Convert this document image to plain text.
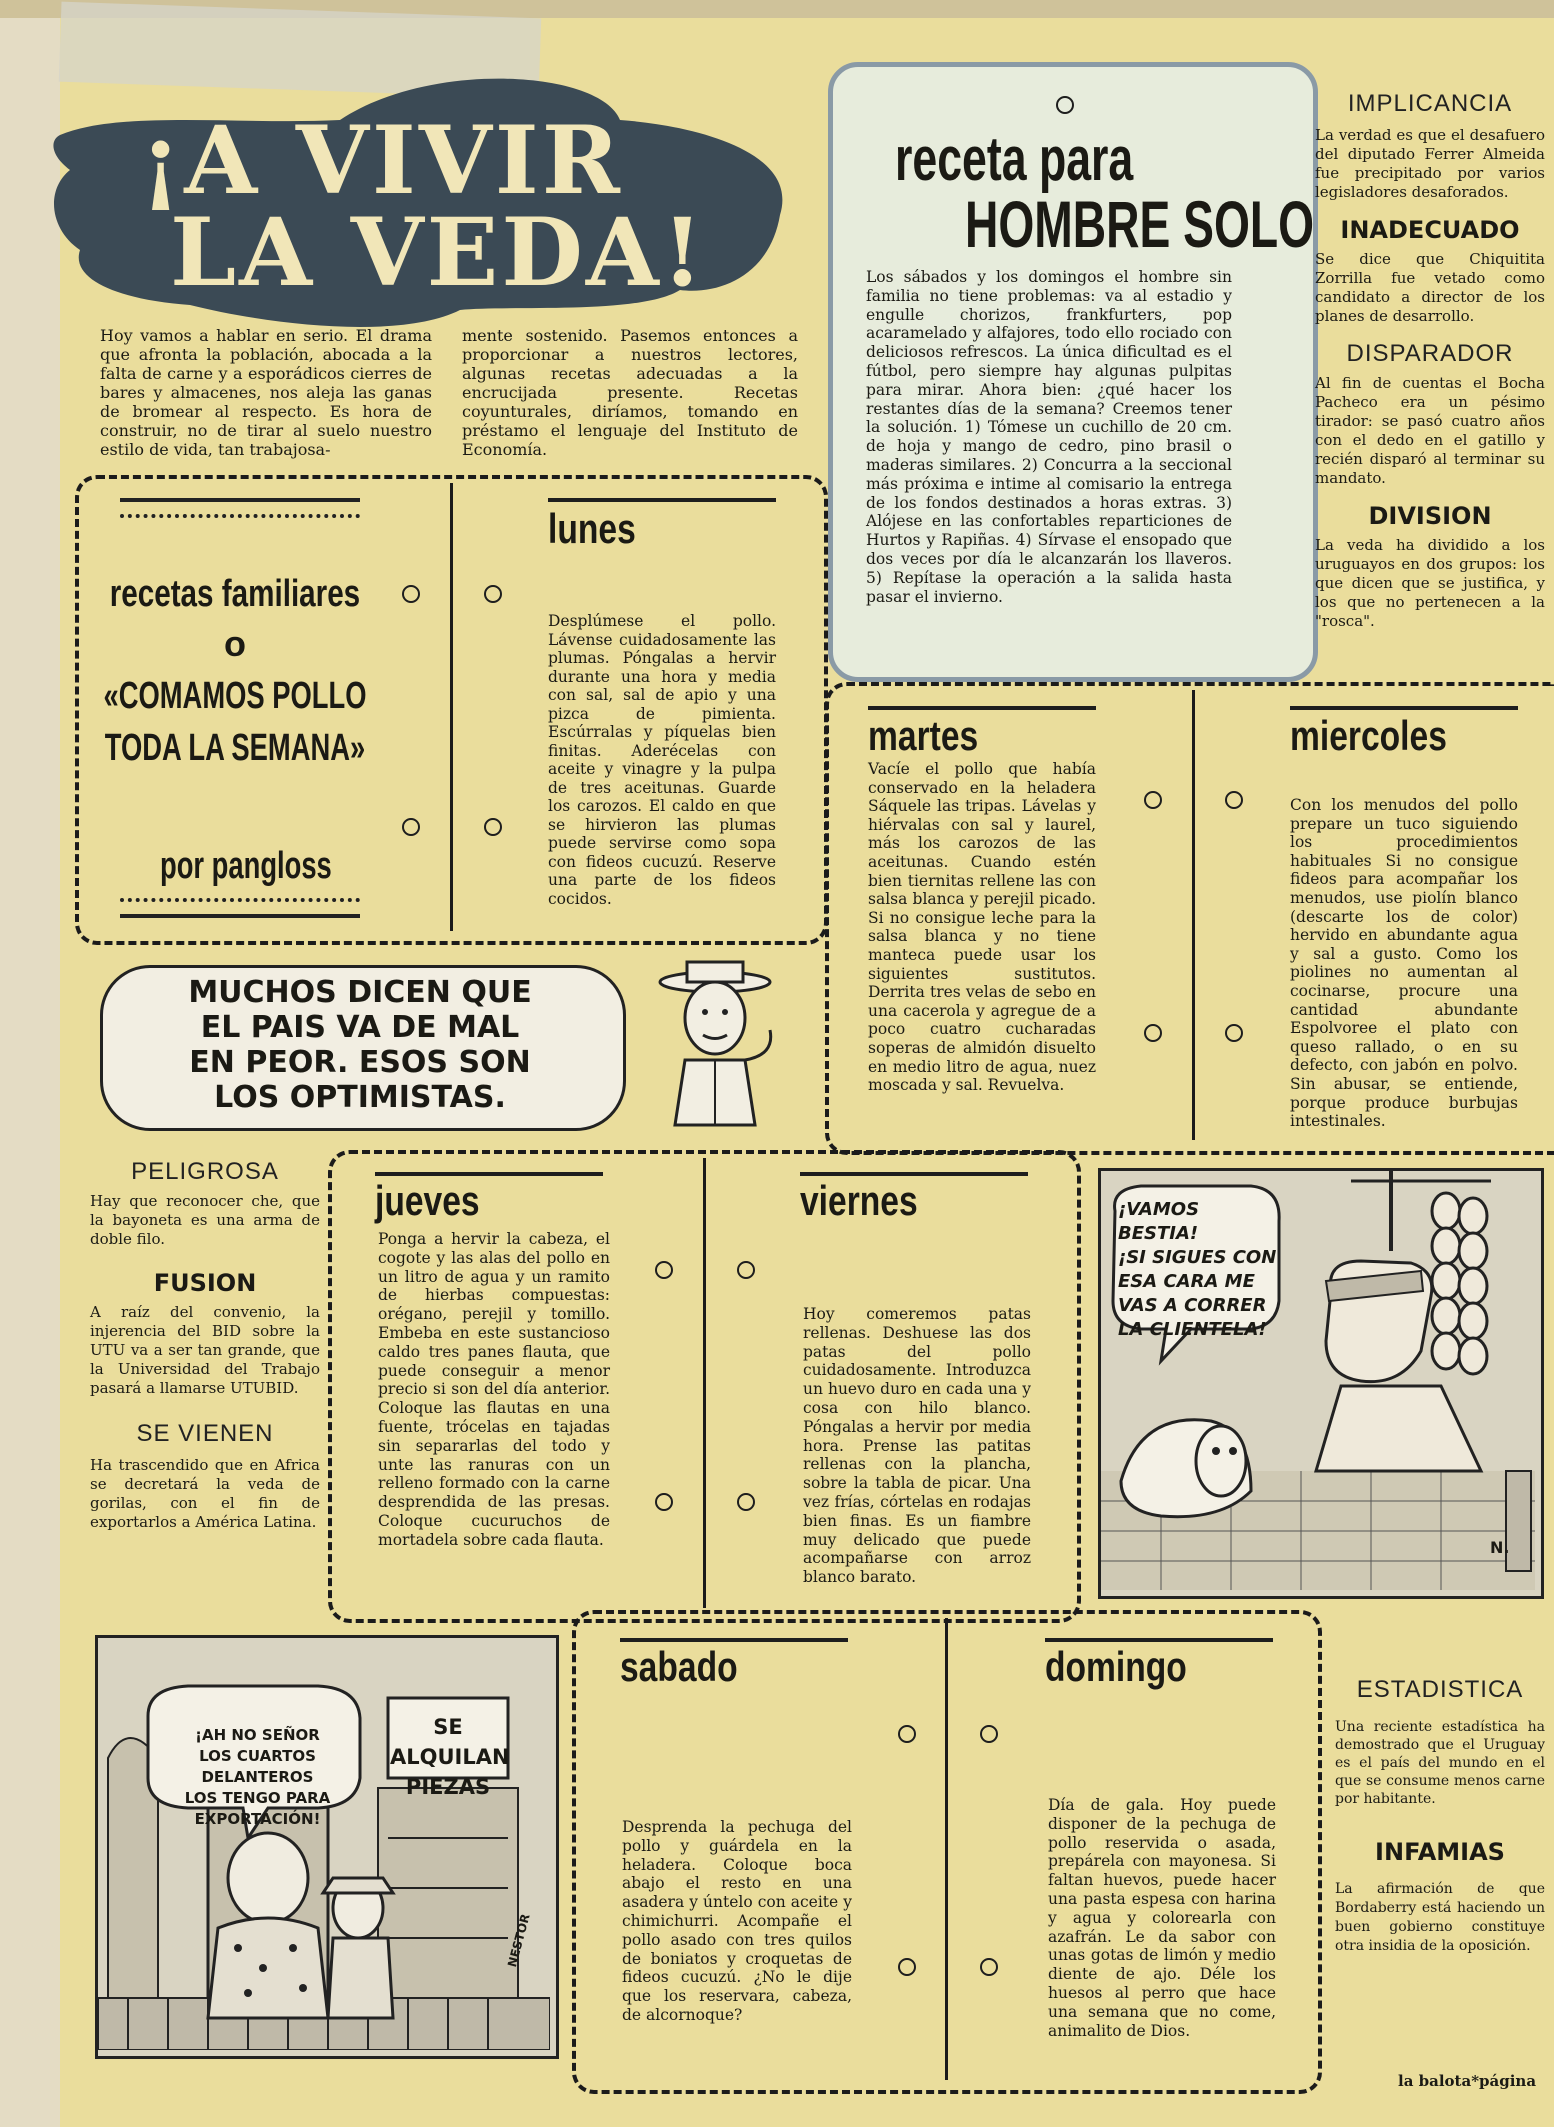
¡A VIVIR
LA VEDA!
Hoy vamos a hablar en serio. El drama que afronta la población, abocada a la falta de carne y a esporádicos cierres de bares y almacenes, nos aleja las ganas de bromear al respecto. Es hora de construir, no de tirar al suelo nuestro estilo de vida, tan trabajosa-
mente sostenido. Pasemos entonces a proporcionar a nuestros lectores, algunas recetas adecuadas a la encrucijada presente. Recetas coyunturales, diríamos, tomando en préstamo el lenguaje del Instituto de Economía.
receta para
HOMBRE SOLO
Los sábados y los domingos el hombre sin familia no tiene problemas: va al estadio y engulle chorizos, frankfurters, pop acaramelado y alfajores, todo ello rociado con deliciosos refrescos. La única dificultad es el fútbol, pero siempre hay algunas pulpitas para mirar. Ahora bien: ¿qué hacer los restantes días de la semana? Creemos tener la solución. 1) Tómese un cuchillo de 20 cm. de hoja y mango de cedro, pino brasil o maderas similares. 2) Concurra a la seccional más próxima e intime al comisario la entrega de los fondos destinados a horas extras. 3) Alójese en las confortables reparticiones de Hurtos y Rapiñas. 4) Sírvase el ensopado que dos veces por día le alcanzarán los llaveros. 5) Repítase la operación a la salida hasta pasar el invierno.
IMPLICANCIA
La verdad es que el desafuero del diputado Ferrer Almeida fue precipitado por varios legisladores desaforados.
INADECUADO
Se dice que Chiquitita Zorrilla fue vetado como candidato a director de los planes de desarrollo.
DISPARADOR
Al fin de cuentas el Bocha Pacheco era un pésimo tirador: se pasó cuatro años con el dedo en el gatillo y recién disparó al terminar su mandato.
DIVISION
La veda ha dividido a los uruguayos en dos grupos: los que dicen que se justifica, y los que no pertenecen a la "rosca".
recetas familiares
o
«COMAMOS POLLO
TODA LA SEMANA»
por pangloss
lunes
Desplúmese el pollo. Lávense cuidadosamente las plumas. Póngalas a hervir durante una hora y media con sal, sal de apio y una pizca de pimienta. Escúrralas y píquelas bien finitas. Aderécelas con aceite y vinagre y la pulpa de tres aceitunas. Guarde los carozos. El caldo en que se hirvieron las plumas puede servirse como sopa con fideos cucuzú. Reserve una parte de los fideos cocidos.
martes
Vacíe el pollo que había conservado en la heladera Sáquele las tripas. Lávelas y hiérvalas con sal y laurel, más los carozos de las aceitunas. Cuando estén bien tiernitas rellene las con salsa blanca y perejil picado. Si no consigue leche para la salsa blanca y no tiene manteca puede usar los siguientes sustitutos. Derrita tres velas de sebo en una cacerola y agregue de a poco cuatro cucharadas soperas de almidón disuelto en medio litro de agua, nuez moscada y sal. Revuelva.
miercoles
Con los menudos del pollo prepare un tuco siguiendo los procedimientos habituales Si no consigue fideos para acompañar los menudos, use piolín blanco (descarte los de color) hervido en abundante agua y sal a gusto. Como los piolines no aumentan al cocinarse, procure una cantidad abundante Espolvoree el plato con queso rallado, o en su defecto, con jabón en polvo. Sin abusar, se entiende, porque produce burbujas intestinales.
MUCHOS DICEN QUE
EL PAIS VA DE MAL
EN PEOR. ESOS SON
LOS OPTIMISTAS.
PELIGROSA
Hay que reconocer che, que la bayoneta es una arma de doble filo.
FUSION
A raíz del convenio, la injerencia del BID sobre la UTU va a ser tan grande, que la Universidad del Trabajo pasará a llamarse UTUBID.
SE VIENEN
Ha trascendido que en Africa se decretará la veda de gorilas, con el fin de exportarlos a América Latina.
jueves
Ponga a hervir la cabeza, el cogote y las alas del pollo en un litro de agua y un ramito de hierbas compuestas: orégano, perejil y tomillo. Embeba en este sustancioso caldo tres panes flauta, que puede conseguir a menor precio si son del día anterior. Coloque las flautas en una fuente, trócelas en tajadas sin separarlas del todo y unte las ranuras con un relleno formado con la carne desprendida de las presas. Coloque cucuruchos de mortadela sobre cada flauta.
viernes
Hoy comeremos patas rellenas. Deshuese las dos patas del pollo cuidadosamente. Introduzca un huevo duro en cada una y cosa con hilo blanco. Póngalas a hervir por media hora. Prense las patitas rellenas con la plancha, sobre la tabla de picar. Una vez frías, córtelas en rodajas bien finas. Es un fiambre muy delicado que puede acompañarse con arroz blanco barato.
¡VAMOS BESTIA!
¡SI SIGUES CON
ESA CARA ME
VAS A CORRER
LA CLIENTELA!
N.
¡AH NO SEÑOR
LOS CUARTOS DELANTEROS
LOS TENGO PARA
EXPORTACIÓN!
SE ALQUILAN
PIEZAS
NESTOR
sabado
Desprenda la pechuga del pollo y guárdela en la heladera. Coloque boca abajo el resto en una asadera y úntelo con aceite y chimichurri. Acompañe el pollo asado con tres quilos de boniatos y croquetas de fideos cucuzú. ¿No le dije que los reservara, cabeza, de alcornoque?
domingo
Día de gala. Hoy puede disponer de la pechuga de pollo reservida o asada, prepárela con mayonesa. Si faltan huevos, puede hacer una pasta espesa con harina y agua y colorearla con azafrán. Le da sabor con unas gotas de limón y medio diente de ajo. Déle los huesos al perro que hace una semana que no come, animalito de Dios.
ESTADISTICA
Una reciente estadística ha demostrado que el Uruguay es el país del mundo en el que se consume menos carne por habitante.
INFAMIAS
La afirmación de que Bordaberry está haciendo un buen gobierno constituye otra insidia de la oposición.
la balota*página
